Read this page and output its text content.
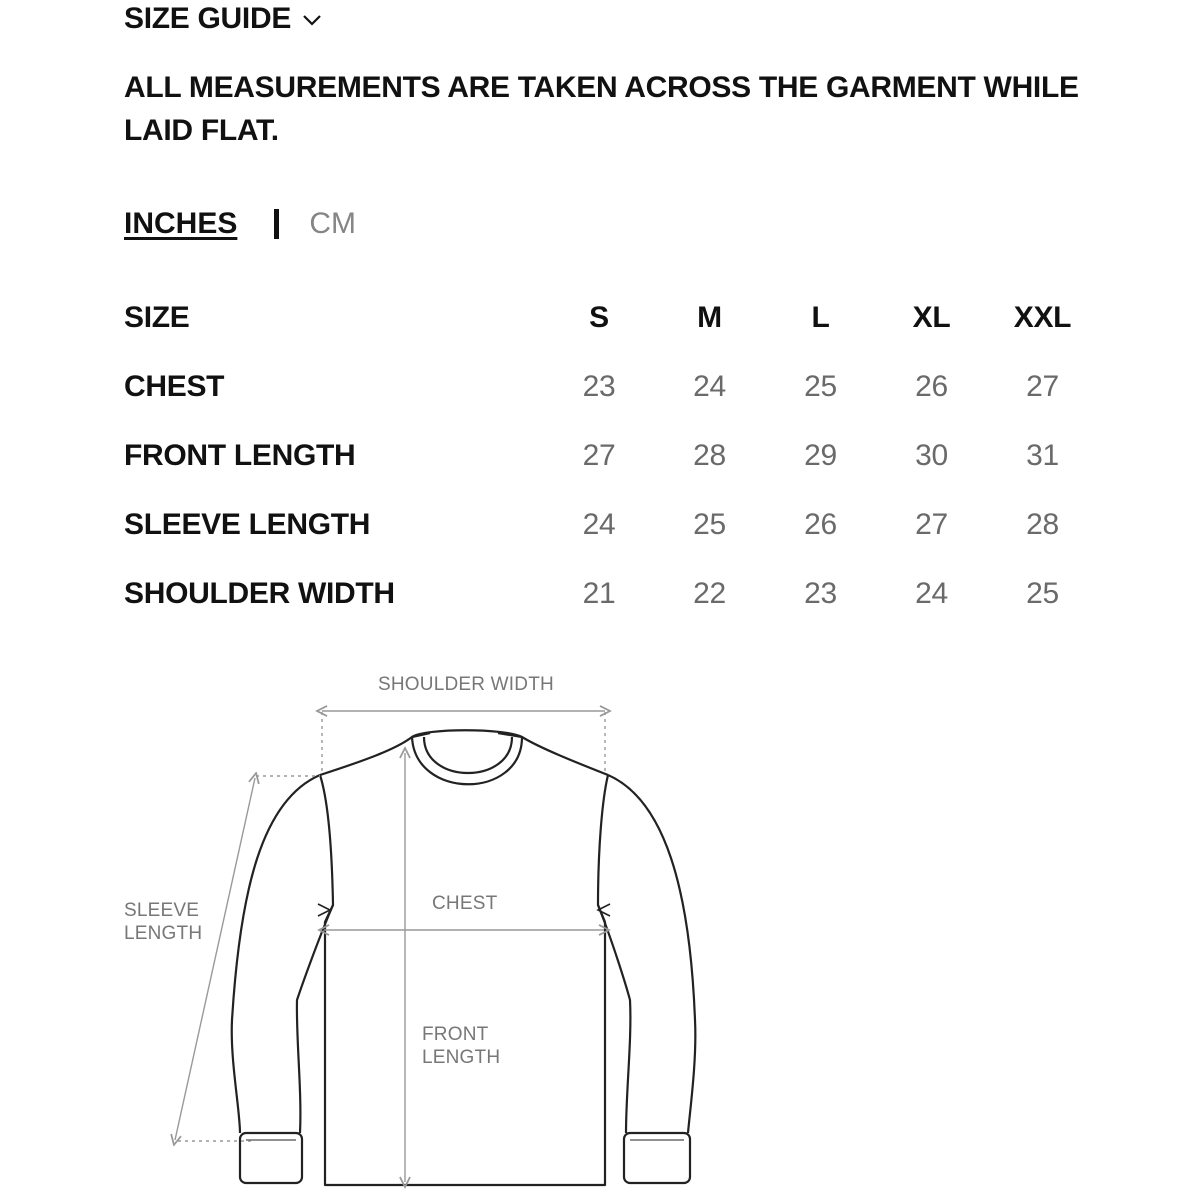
SIZE GUIDE
ALL MEASUREMENTS ARE TAKEN ACROSS THE GARMENT WHILE LAID FLAT.
INCHES CM
SIZE	S	M	L	XL	XXL
CHEST	23	24	25	26	27
FRONT LENGTH	27	28	29	30	31
SLEEVE LENGTH	24	25	26	27	28
SHOULDER WIDTH	21	22	23	24	25
SHOULDER WIDTH
CHEST
SLEEVE
LENGTH
FRONT
LENGTH
